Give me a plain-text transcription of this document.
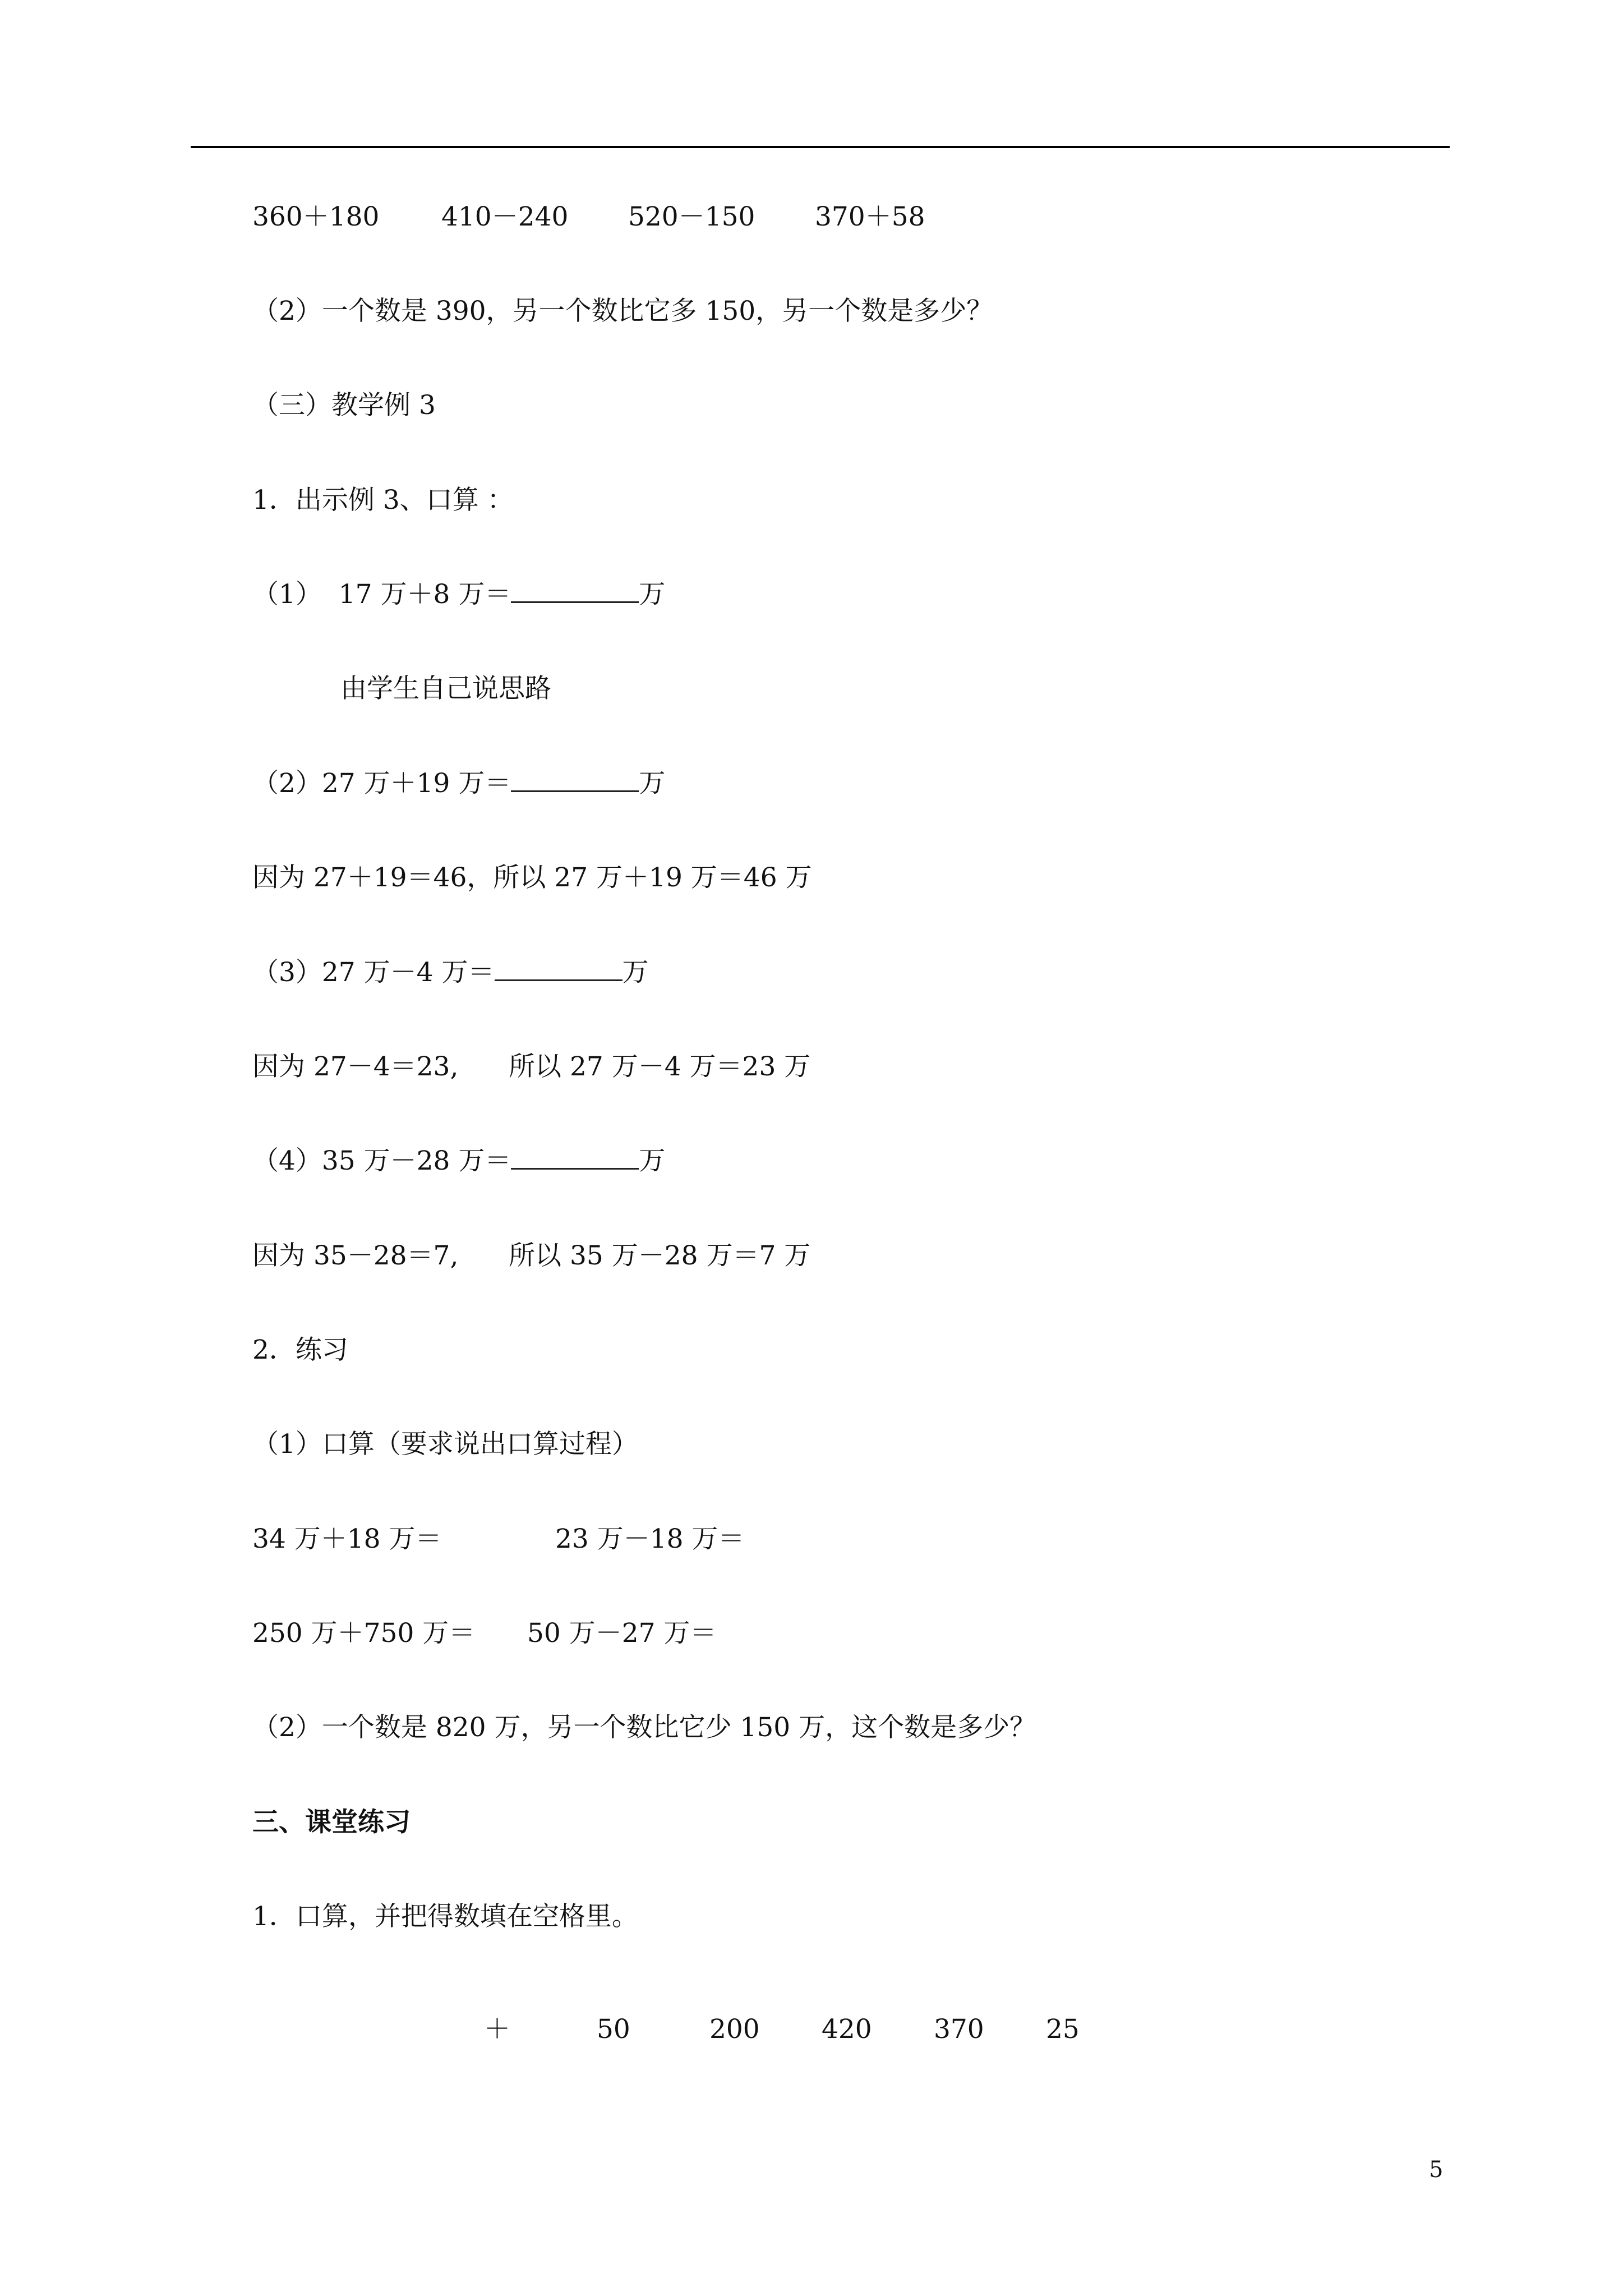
360＋180 410－240 520－150 370＋58
（2）一个数是 390，另一个数比它多 150，另一个数是多少？
（三）教学例 3
1．出示例 3、口算 ：
（1）  17 万＋8 万＝	万
由学生自己说思路
（2）27 万＋19 万＝	万
因为 27＋19＝46，所以 27 万＋19 万＝46 万
（3）27 万－4 万＝	万
因为 27－4＝23,      所以 27 万－4 万＝23 万
（4）35 万－28 万＝	万
因为 35－28＝7,      所以 35 万－28 万＝7 万
2．练习
（1）口算（要求说出口算过程）
34 万＋18 万＝	23 万－18 万＝
250 万＋750 万＝ 50 万－27 万＝
（2）一个数是 820 万，另一个数比它少 150 万，这个数是多少？
三、课堂练习
1．口算，并把得数填在空格里。
＋	50	200 420 370 25
5
